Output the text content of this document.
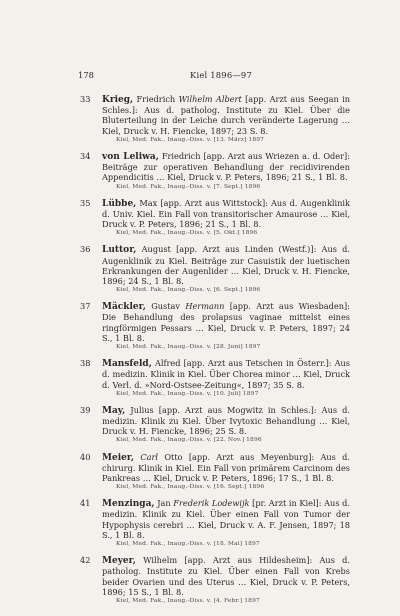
178	Kiel 1896—97
33	Krieg, Friedrich Wilhelm Albert [app. Arzt aus Seegan in Schles.]: Aus d. patholog. Institute zu Kiel. Über die Bluterteilung in der Leiche durch veränderte Lagerung … Kiel, Druck v. H. Fiencke, 1897; 23 S. 8.
Kiel, Med. Fak., Inaug.-Diss. v. [13. März] 1897
34	von Leliwa, Friedrich [app. Arzt aus Wriezen a. d. Oder]: Beiträge zur operativen Behandlung der recidivirenden Appendicitis … Kiel, Druck v. P. Peters, 1896; 21 S., 1 Bl. 8.
Kiel, Med. Fak., Inaug.-Diss. v. [7. Sept.] 1896
35	Lübbe, Max [app. Arzt aus Wittstock]: Aus d. Augenklinik d. Univ. Kiel. Ein Fall von transitorischer Amaurose … Kiel, Druck v. P. Peters, 1896; 21 S., 1 Bl. 8.
Kiel, Med. Fak., Inaug.-Diss. v. [5. Okt.] 1896
36	Luttor, August [app. Arzt aus Linden (Westf.)]: Aus d. Augenklinik zu Kiel. Beiträge zur Casuistik der luetischen Erkrankungen der Augenlider … Kiel, Druck v. H. Fiencke, 1896; 24 S., 1 Bl. 8.
Kiel, Med. Fak., Inaug.-Diss. v. [6. Sept.] 1896
37	Mäckler, Gustav Hermann [app. Arzt aus Wiesbaden]: Die Behandlung des prolapsus vaginae mittelst eines ringförmigen Pessars … Kiel, Druck v. P. Peters, 1897; 24 S., 1 Bl. 8.
Kiel, Med. Fak., Inaug.-Diss. v. [28. Juni] 1897
38	Mansfeld, Alfred [app. Arzt aus Tetschen in Österr.]: Aus d. medizin. Klinik in Kiel. Über Chorea minor … Kiel, Druck d. Verl. d. »Nord-Ostsee-Zeitung«, 1897; 35 S. 8.
Kiel, Med. Fak., Inaug.-Diss. v. [10. Juli] 1897
39	May, Julius [app. Arzt aus Mogwitz in Schles.]: Aus d. medizin. Klinik zu Kiel. Über Ivytoxic Behandlung … Kiel, Druck v. H. Fiencke, 1896; 25 S. 8.
Kiel, Med. Fak., Inaug.-Diss. v. [22. Nov.] 1896
40	Meier, Carl Otto [app. Arzt aus Meyenburg]: Aus d. chirurg. Klinik in Kiel. Ein Fall von primärem Carcinom des Pankreas … Kiel, Druck v. P. Peters, 1896; 17 S., 1 Bl. 8.
Kiel, Med. Fak., Inaug.-Diss. v. [16. Sept.] 1896
41	Menzinga, Jan Frederik Lodewijk [pr. Arzt in Kiel]: Aus d. medizin. Klinik zu Kiel. Über einen Fall von Tumor der Hypophysis cerebri … Kiel, Druck v. A. F. Jensen, 1897; 18 S., 1 Bl. 8.
Kiel, Med. Fak., Inaug.-Diss. v. [18. Mai] 1897
42	Meyer, Wilhelm [app. Arzt aus Hildesheim]: Aus d. patholog. Institute zu Kiel. Über einen Fall von Krebs beider Ovarien und des Uterus … Kiel, Druck v. P. Peters, 1896; 15 S., 1 Bl. 8.
Kiel, Med. Fak., Inaug.-Diss. v. [4. Febr.] 1897
